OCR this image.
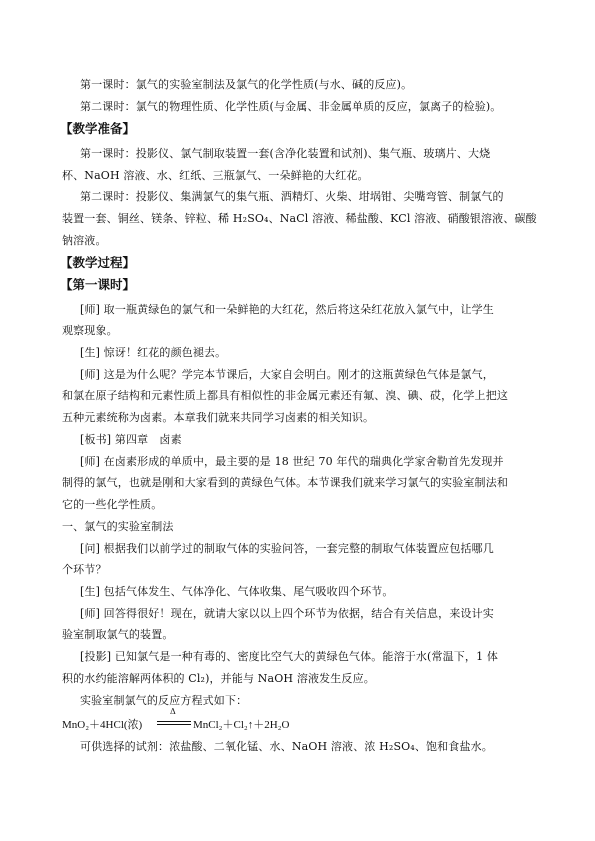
第一课时：氯气的实验室制法及氯气的化学性质(与水、碱的反应)。
第二课时：氯气的物理性质、化学性质(与金属、非金属单质的反应，氯离子的检验)。
【教学准备】
第一课时：投影仪、氯气制取装置一套(含净化装置和试剂)、集气瓶、玻璃片、大烧
杯、NaOH 溶液、水、红纸、三瓶氯气、一朵鲜艳的大红花。
第二课时：投影仪、集满氯气的集气瓶、酒精灯、火柴、坩埚钳、尖嘴弯管、制氯气的
装置一套、铜丝、镁条、锌粒、稀 H₂SO₄、NaCl 溶液、稀盐酸、KCl 溶液、硝酸银溶液、碳酸
钠溶液。
【教学过程】
【第一课时】
[师] 取一瓶黄绿色的氯气和一朵鲜艳的大红花，然后将这朵红花放入氯气中，让学生
观察现象。
[生] 惊讶！红花的颜色褪去。
[师] 这是为什么呢？学完本节课后，大家自会明白。刚才的这瓶黄绿色气体是氯气，
和氯在原子结构和元素性质上都具有相似性的非金属元素还有氟、溴、碘、砹，化学上把这
五种元素统称为卤素。本章我们就来共同学习卤素的相关知识。
[板书] 第四章　卤素
[师] 在卤素形成的单质中，最主要的是 18 世纪 70 年代的瑞典化学家舍勒首先发现并
制得的氯气，也就是刚和大家看到的黄绿色气体。本节课我们就来学习氯气的实验室制法和
它的一些化学性质。
一、氯气的实验室制法
[问] 根据我们以前学过的制取气体的实验问答，一套完整的制取气体装置应包括哪几
个环节？
[生] 包括气体发生、气体净化、气体收集、尾气吸收四个环节。
[师] 回答得很好！现在，就请大家以以上四个环节为依据，结合有关信息，来设计实
验室制取氯气的装置。
[投影] 已知氯气是一种有毒的、密度比空气大的黄绿色气体。能溶于水(常温下，1 体
积的水约能溶解两体积的 Cl₂)，并能与 NaOH 溶液发生反应。
实验室制氯气的反应方程式如下：
MnO₂＋4HCl(浓)
Δ
MnCl₂＋Cl₂↑＋2H₂O
可供选择的试剂：浓盐酸、二氧化锰、水、NaOH 溶液、浓 H₂SO₄、饱和食盐水。
